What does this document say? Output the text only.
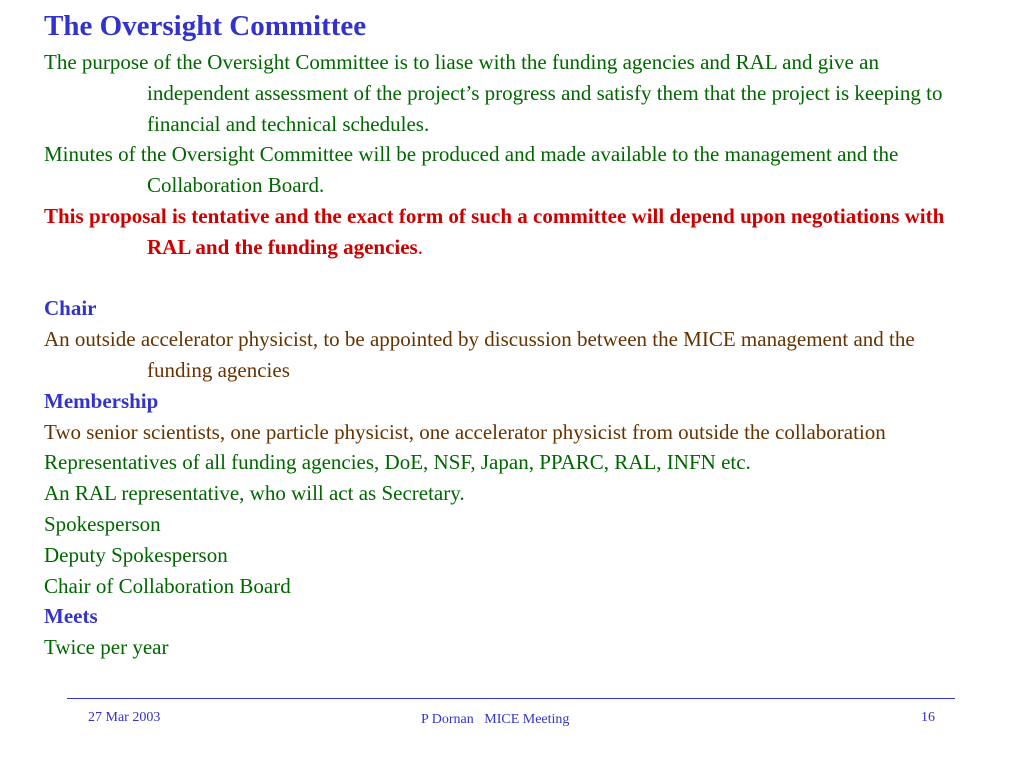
The Oversight Committee

The purpose of the Oversight Committee is to liase with the funding agencies and RAL and give an independent assessment of the project’s progress and satisfy them that the project is keeping to financial and technical schedules.

Minutes of the Oversight Committee will be produced and made available to the management and the Collaboration Board.

This proposal is tentative and the exact form of such a committee will depend upon negotiations with RAL and the funding agencies.

Chair

An outside accelerator physicist, to be appointed by discussion between the MICE management and the funding agencies

Membership

Two senior scientists, one particle physicist, one accelerator physicist from outside the collaboration

Representatives of all funding agencies, DoE, NSF, Japan, PPARC, RAL, INFN etc.

An RAL representative, who will act as Secretary.

Spokesperson

Deputy Spokesperson

Chair of Collaboration Board

Meets

Twice per year

27 Mar 2003	P Dornan   MICE Meeting	16
